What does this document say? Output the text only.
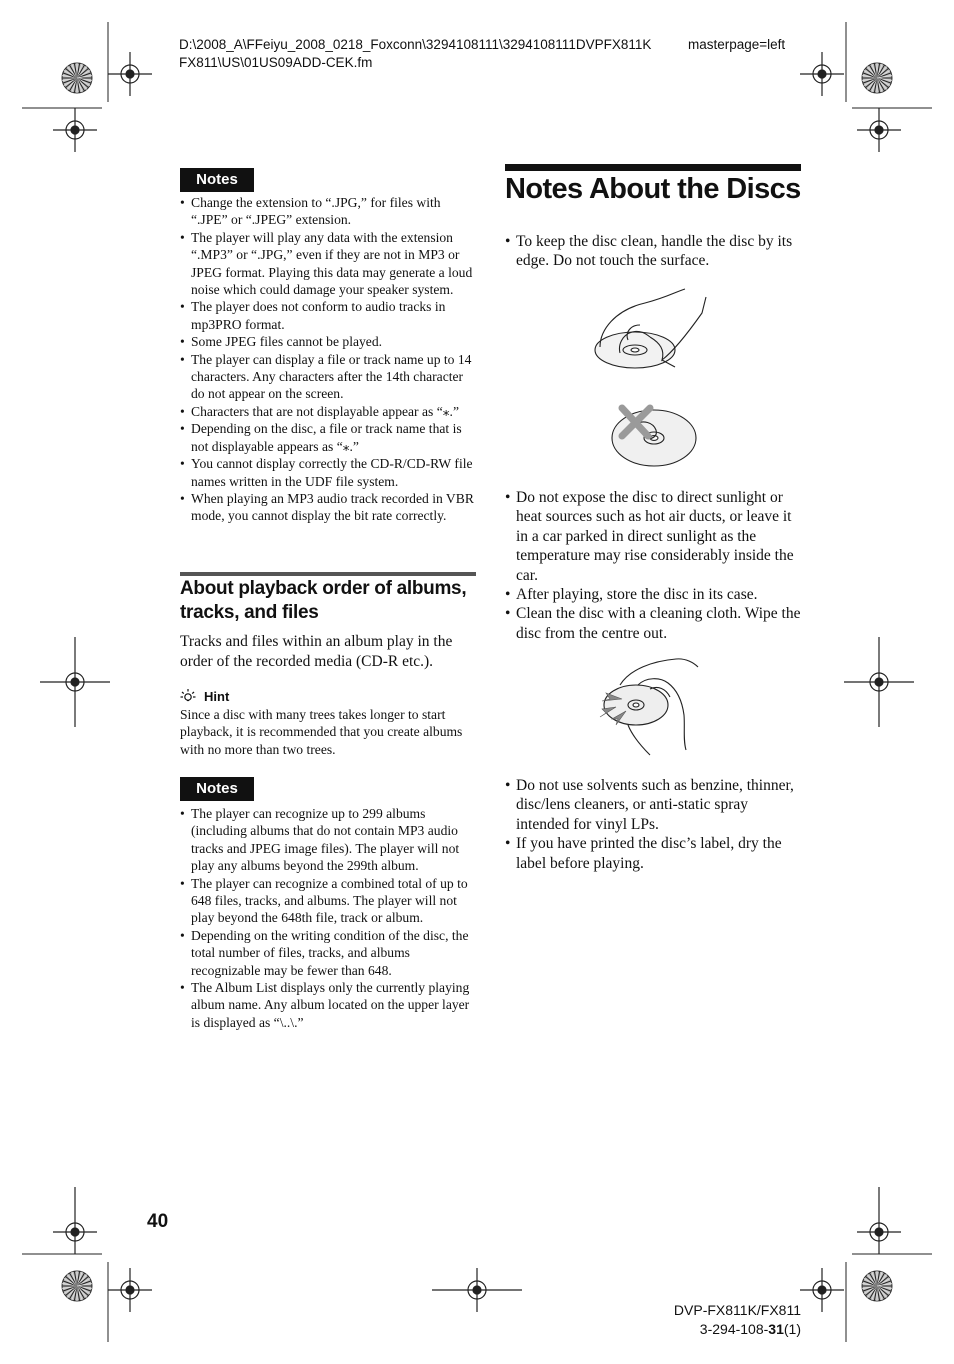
D:\2008_A\FFeiyu_2008_0218_Foxconn\3294108111\3294108111DVPFX811K	masterpage=left
FX811\US\01US09ADD-CEK.fm
Notes
• Change the extension to “.JPG,” for files with “.JPE” or “.JPEG” extension.
• The player will play any data with the extension “.MP3” or “.JPG,” even if they are not in MP3 or JPEG format. Playing this data may generate a loud noise which could damage your speaker system.
• The player does not conform to audio tracks in mp3PRO format.
• Some JPEG files cannot be played.
• The player can display a file or track name up to 14 characters. Any characters after the 14th character do not appear on the screen.
• Characters that are not displayable appear as “⁎.”
• Depending on the disc, a file or track name that is not displayable appears as “⁎.”
• You cannot display correctly the CD-R/CD-RW file names written in the UDF file system.
• When playing an MP3 audio track recorded in VBR mode, you cannot display the bit rate correctly.
About playback order of albums, tracks, and files
Tracks and files within an album play in the order of the recorded media (CD-R etc.).
Hint
Since a disc with many trees takes longer to start playback, it is recommended that you create albums with no more than two trees.
Notes
• The player can recognize up to 299 albums (including albums that do not contain MP3 audio tracks and JPEG image files). The player will not play any albums beyond the 299th album.
• The player can recognize a combined total of up to 648 files, tracks, and albums. The player will not play beyond the 648th file, track or album.
• Depending on the writing condition of the disc, the total number of files, tracks, and albums recognizable may be fewer than 648.
• The Album List displays only the currently playing album name. Any album located on the upper layer is displayed as “\..\.”
Notes About the Discs
• To keep the disc clean, handle the disc by its edge. Do not touch the surface.
• Do not expose the disc to direct sunlight or heat sources such as hot air ducts, or leave it in a car parked in direct sunlight as the temperature may rise considerably inside the car.
• After playing, store the disc in its case.
• Clean the disc with a cleaning cloth. Wipe the disc from the centre out.
• Do not use solvents such as benzine, thinner, disc/lens cleaners, or anti-static spray intended for vinyl LPs.
• If you have printed the disc’s label, dry the label before playing.
40
DVP-FX811K/FX811
3-294-108-31(1)
